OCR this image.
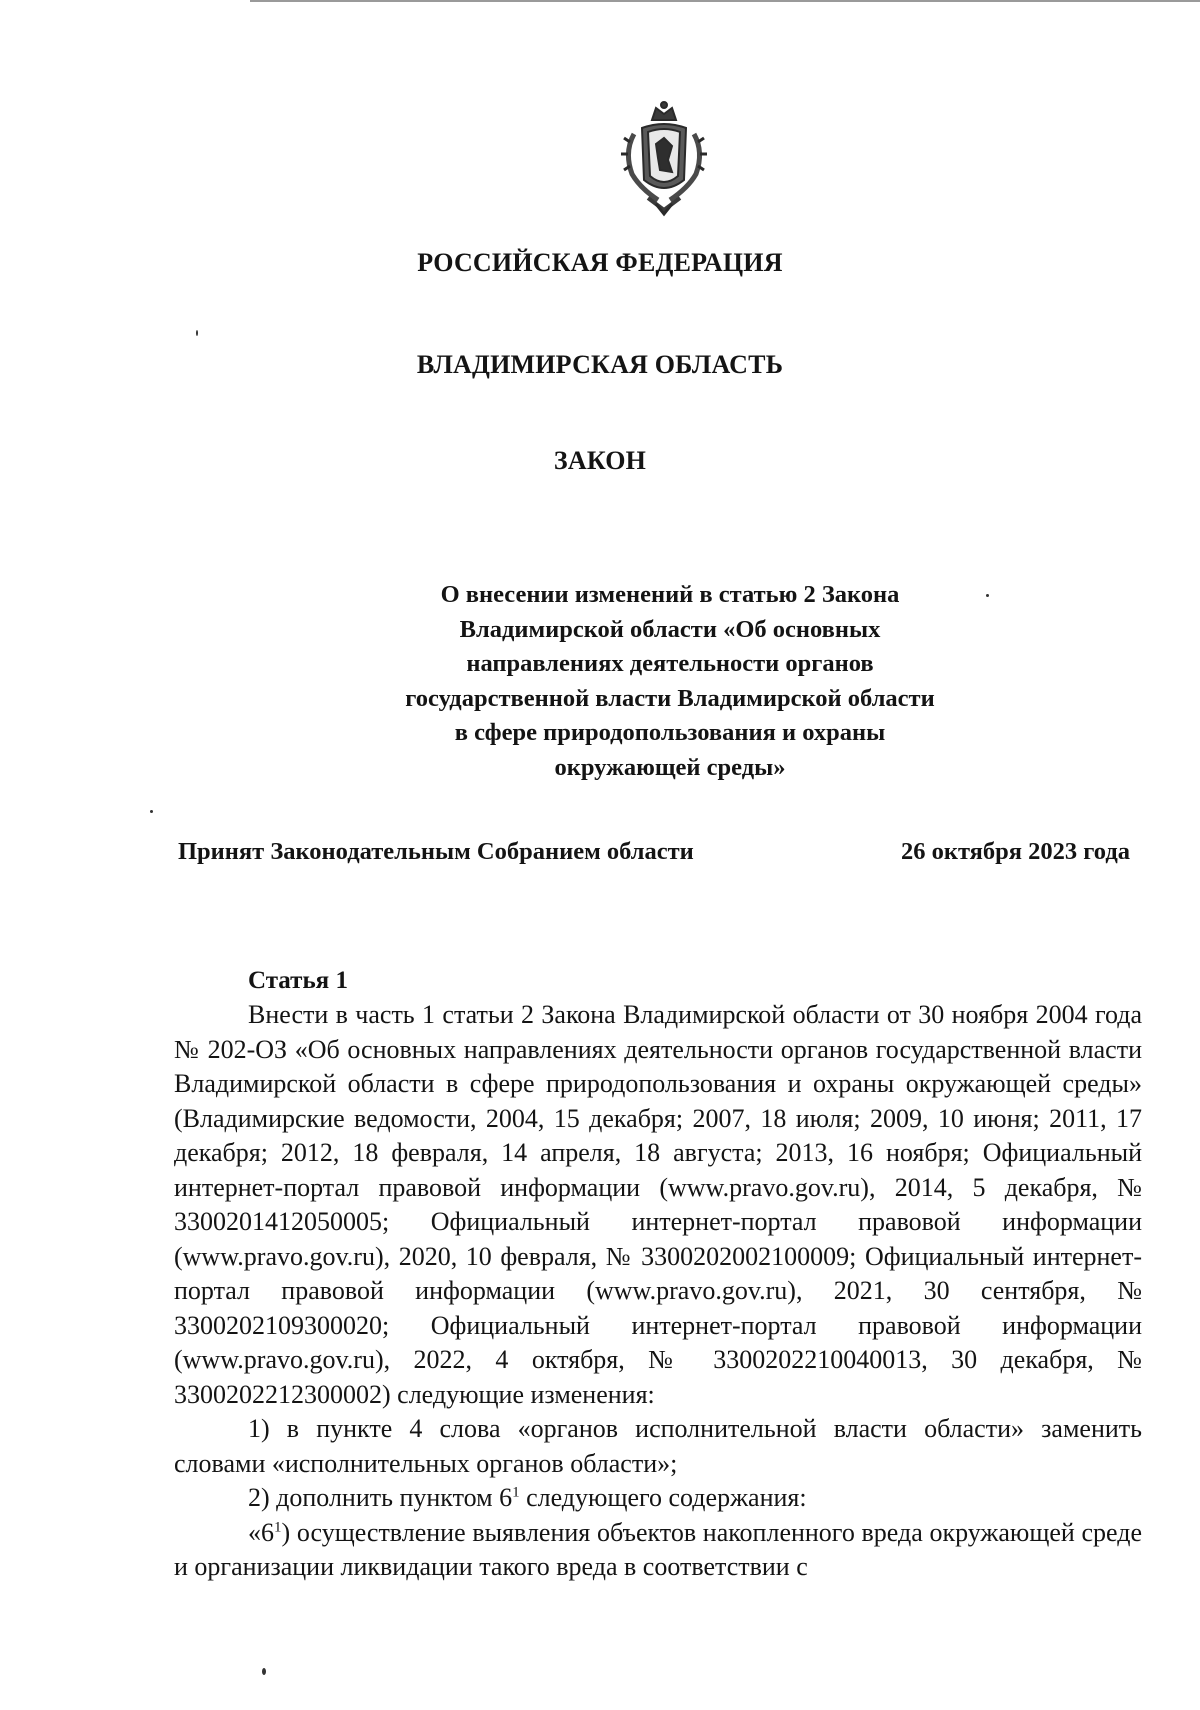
РОССИЙСКАЯ ФЕДЕРАЦИЯ
ВЛАДИМИРСКАЯ ОБЛАСТЬ
ЗАКОН
О внесении изменений в статью 2 Закона
Владимирской области «Об основных
направлениях деятельности органов
государственной власти Владимирской области
в сфере природопользования и охраны
окружающей среды»
Принят Законодательным Собранием области	26 октября 2023 года
Статья 1

Внести в часть 1 статьи 2 Закона Владимирской области от 30 ноября 2004 года № 202-ОЗ «Об основных направлениях деятельности органов государственной власти Владимирской области в сфере природопользования и охраны окружающей среды» (Владимирские ведомости, 2004, 15 декабря; 2007, 18 июля; 2009, 10 июня; 2011, 17 декабря; 2012, 18 февраля, 14 апреля, 18 августа; 2013, 16 ноября; Официальный интернет-портал правовой информации (www.pravo.gov.ru), 2014, 5 декабря, № 3300201412050005; Официальный интернет-портал правовой информации (www.pravo.gov.ru), 2020, 10 февраля, № 3300202002100009; Официальный интернет-портал правовой информации (www.pravo.gov.ru), 2021, 30 сентября, № 3300202109300020; Официальный интернет-портал правовой информации (www.pravo.gov.ru), 2022, 4 октября, № 3300202210040013, 30 декабря, № 3300202212300002) следующие изменения:

1) в пункте 4 слова «органов исполнительной власти области» заменить словами «исполнительных органов области»;

2) дополнить пунктом $6^1$ следующего содержания:

«$6^1$) осуществление выявления объектов накопленного вреда окружающей среде и организации ликвидации такого вреда в соответствии с
